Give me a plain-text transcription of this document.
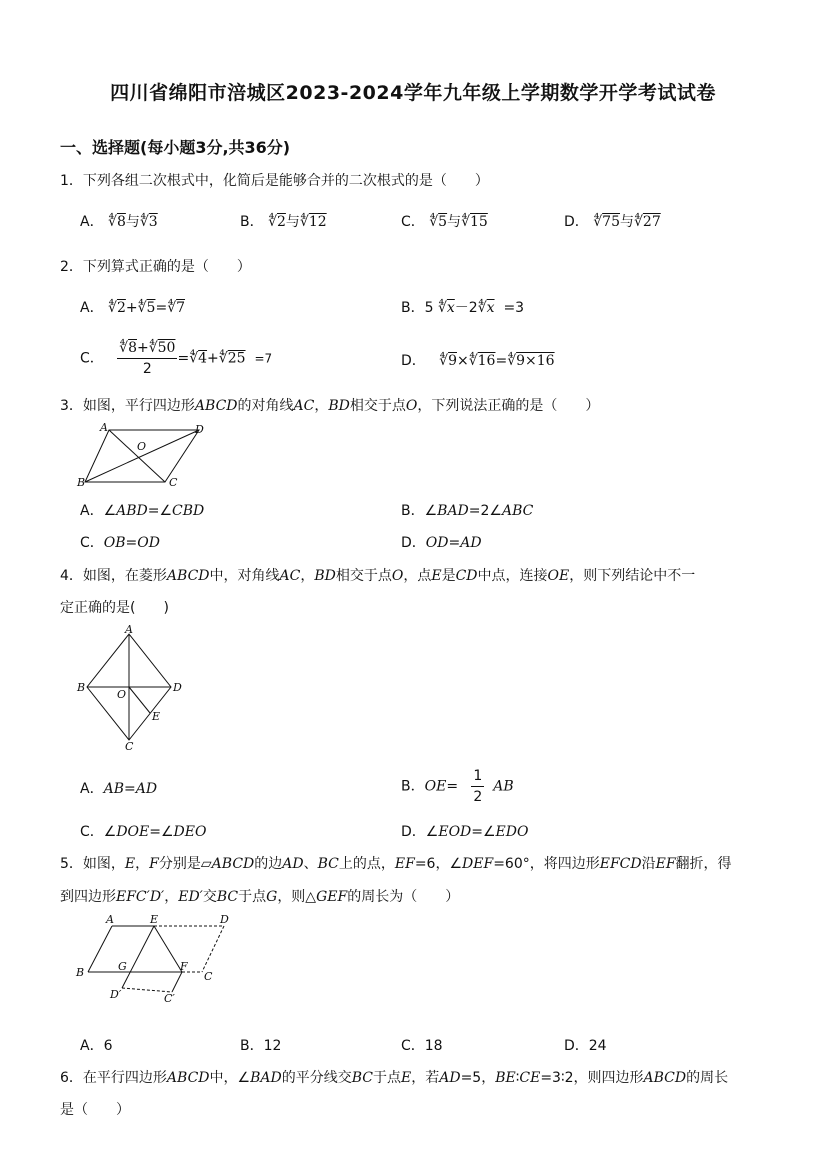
四川省绵阳市涪城区2023-2024学年九年级上学期数学开学考试试卷
一、选择题(每小题3分,共36分)
1．下列各组二次根式中，化简后是能够合并的二次根式的是（　　）
A． ∜8与∜3	B． ∜2与∜12	C． ∜5与∜15	D． ∜75与∜27
2．下列算式正确的是（　　）
A． ∜2+∜5=∜7	B．5 $∜\overline{x}-2∜\overline{x} =3$
C． $\frac{∜8+∜50}{2}$ =∜4+∜25 =7	D． ∜9×∜16=∜9×16
3．如图，平行四边形ABCD的对角线AC，BD相交于点O，下列说法正确的是（　　）
A	D
B	C
O
A．∠ABD=∠CBD	B．∠BAD=2∠ABC
C．OB=OD	D．OD=AD
4．如图，在菱形ABCD中，对角线AC，BD相交于点O，点E是CD中点，连接OE，则下列结论中不一
定正确的是(　　)
A
B	D
C
O
E
A．AB=AD	B．$OE= \frac{1}{2}$ AB
C．∠DOE=∠DEO	D．∠EOD=∠EDO
5．如图，E，F分别是▱ABCD的边AD、BC上的点，EF=6，∠DEF=60°，将四边形EFCD沿EF翻折，得
到四边形EFC′D′，ED′交BC于点G，则△GEF的周长为（　　）
A	E	D
B	G	F
C
D′	C′
A．6	B．12	C．18	D．24
6．在平行四边形ABCD中，∠BAD的平分线交BC于点E，若AD=5，BE∶CE=3∶2，则四边形ABCD的周长
是（　　）
